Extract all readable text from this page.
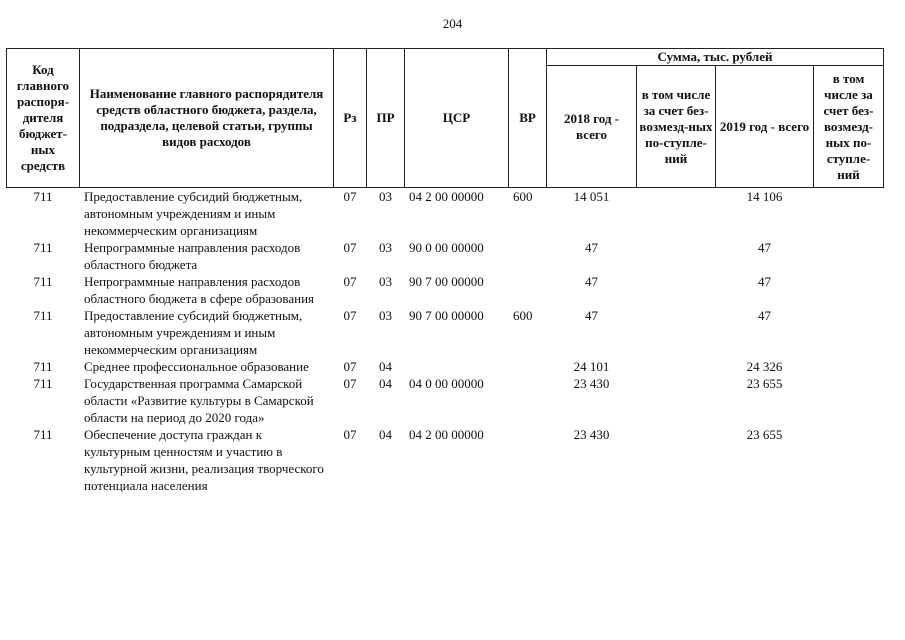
204
Код главного распоря-дителя бюджет-ных средств	Наименование главного распорядителя средств областного бюджета, раздела, подраздела, целевой статьи, группы видов расходов	Рз	ПР	ЦСР	ВР	Сумма, тыс. рублей			
						2018 год - всего	в том числе за счет без-возмезд-ных по-ступле-ний	2019 год - всего	в том числе за счет без-возмезд-ных по-ступле-ний
711	Предоставление субсидий бюджетным, автономным учреждениям и иным некоммерческим организациям	07	03	04 2 00 00000	600	14 051		14 106	
711	Непрограммные направления расходов областного бюджета	07	03	90 0 00 00000		47		47	
711	Непрограммные направления расходов областного бюджета в сфере образования	07	03	90 7 00 00000		47		47	
711	Предоставление субсидий бюджетным, автономным учреждениям и иным некоммерческим организациям	07	03	90 7 00 00000	600	47		47	
711	Среднее профессиональное образование	07	04			24 101		24 326	
711	Государственная программа Самарской области «Развитие культуры в Самарской области на период до 2020 года»	07	04	04 0 00 00000		23 430		23 655	
711	Обеспечение доступа граждан к культурным ценностям и участию в культурной жизни, реализация творческого потенциала населения	07	04	04 2 00 00000		23 430		23 655	
